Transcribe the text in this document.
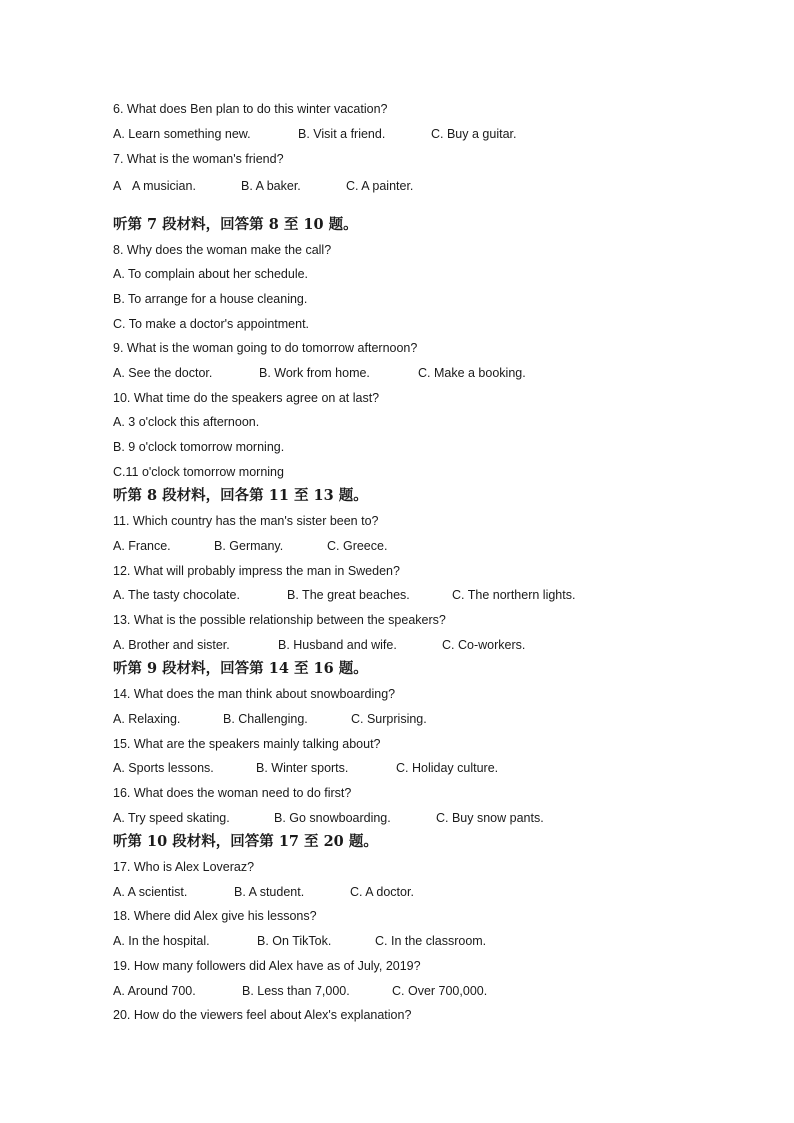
6. What does Ben plan to do this winter vacation?
A. Learn something new.	B. Visit a friend.	C. Buy a guitar.
7. What is the woman's friend?
A A musician.	B. A baker.	C. A painter.
听第 7 段材料，回答第 8 至 10 题。
8. Why does the woman make the call?
A. To complain about her schedule.
B. To arrange for a house cleaning.
C. To make a doctor's appointment.
9. What is the woman going to do tomorrow afternoon?
A. See the doctor.	B. Work from home.	C. Make a booking.
10. What time do the speakers agree on at last?
A. 3 o'clock this afternoon.
B. 9 o'clock tomorrow morning.
C.11 o'clock tomorrow morning
听第 8 段材料，回各第 11 至 13 题。
11. Which country has the man's sister been to?
A. France.	B. Germany.	C. Greece.
12. What will probably impress the man in Sweden?
A. The tasty chocolate.	B. The great beaches.	C. The northern lights.
13. What is the possible relationship between the speakers?
A. Brother and sister.	B. Husband and wife.	C. Co-workers.
听第 9 段材料，回答第 14 至 16 题。
14. What does the man think about snowboarding?
A. Relaxing.	B. Challenging.	C. Surprising.
15. What are the speakers mainly talking about?
A. Sports lessons.	B. Winter sports.	C. Holiday culture.
16. What does the woman need to do first?
A. Try speed skating.	B. Go snowboarding.	C. Buy snow pants.
听第 10 段材料，回答第 17 至 20 题。
17. Who is Alex Loveraz?
A. A scientist.	B. A student.	C. A doctor.
18. Where did Alex give his lessons?
A. In the hospital.	B. On TikTok.	C. In the classroom.
19. How many followers did Alex have as of July, 2019?
A. Around 700.	B. Less than 7,000.	C. Over 700,000.
20. How do the viewers feel about Alex's explanation?
